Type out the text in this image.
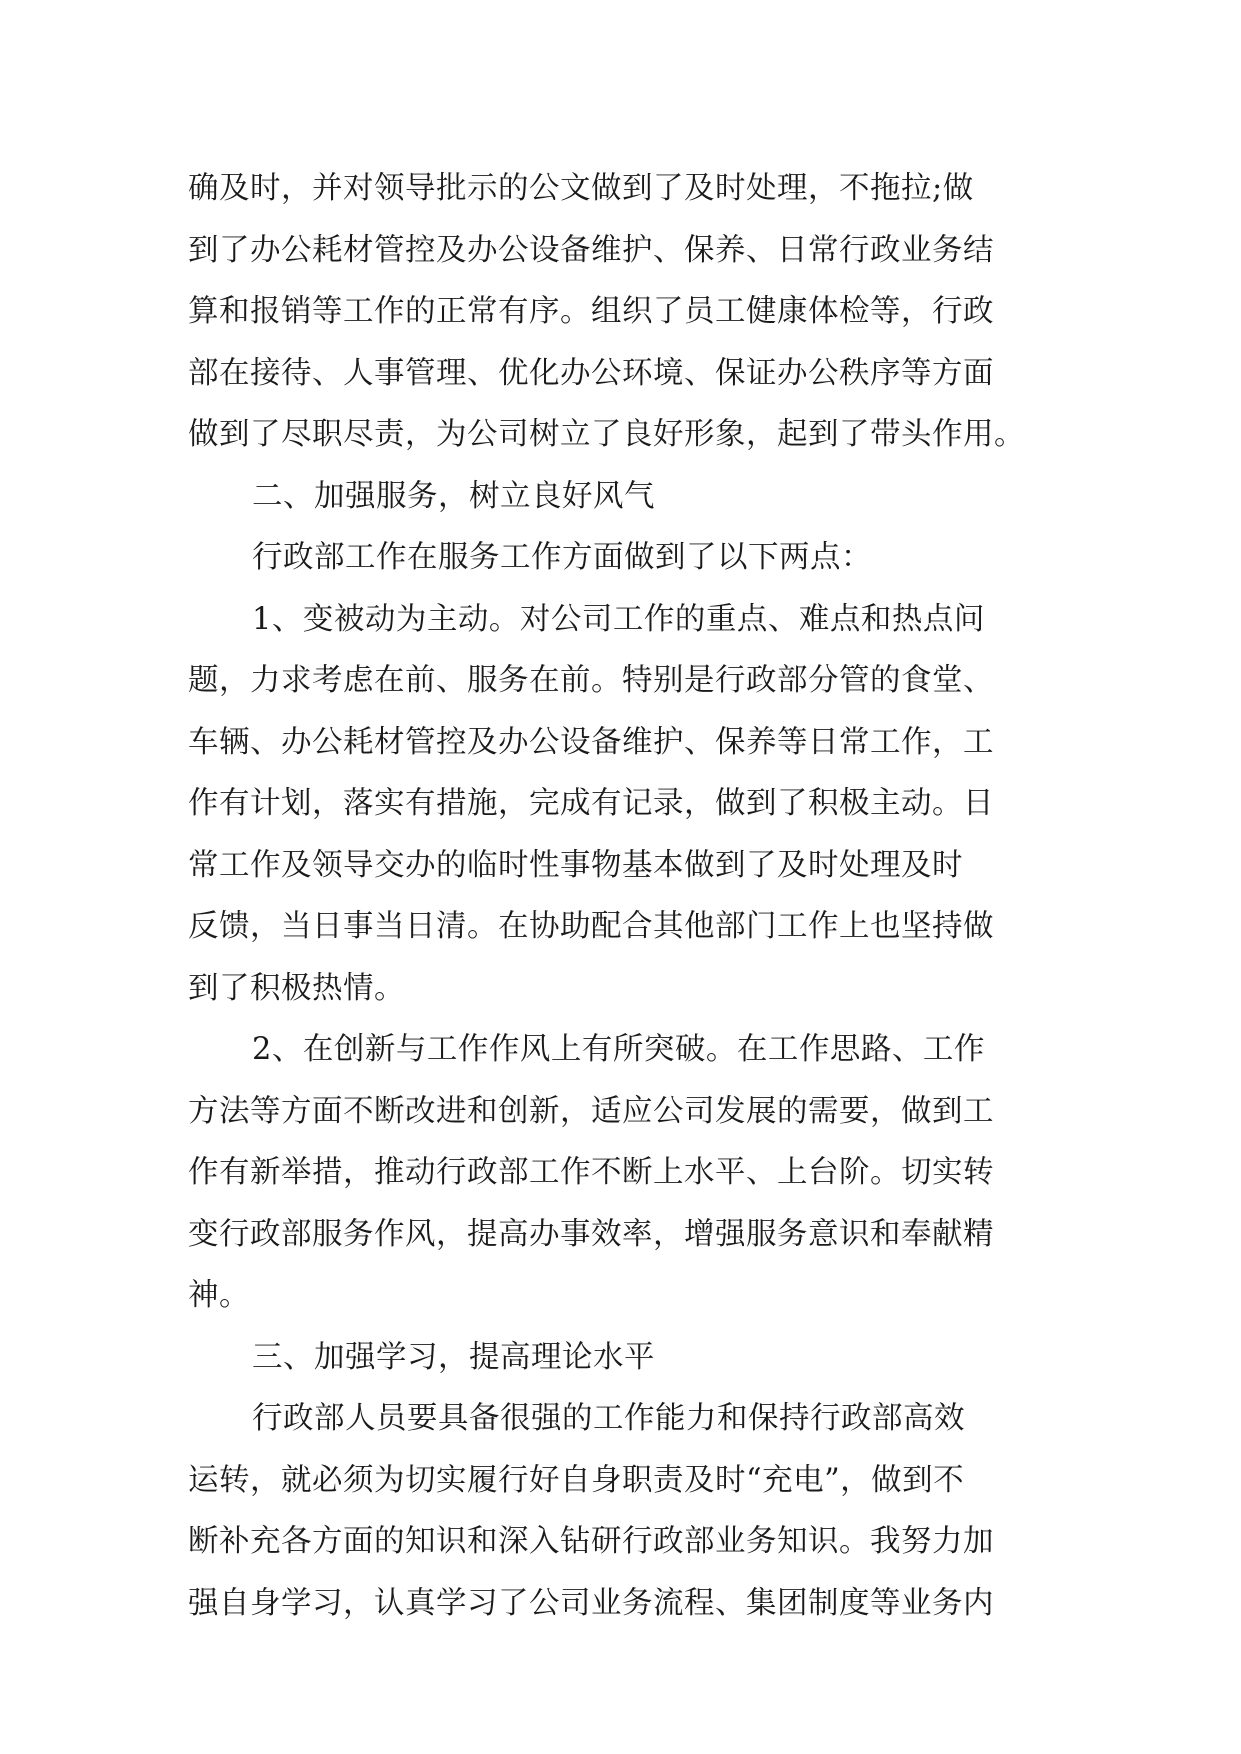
确及时，并对领导批示的公文做到了及时处理，不拖拉;做
到了办公耗材管控及办公设备维护、保养、日常行政业务结
算和报销等工作的正常有序。组织了员工健康体检等，行政
部在接待、人事管理、优化办公环境、保证办公秩序等方面
做到了尽职尽责，为公司树立了良好形象，起到了带头作用。
二、加强服务，树立良好风气
行政部工作在服务工作方面做到了以下两点：
1、变被动为主动。对公司工作的重点、难点和热点问
题，力求考虑在前、服务在前。特别是行政部分管的食堂、
车辆、办公耗材管控及办公设备维护、保养等日常工作，工
作有计划，落实有措施，完成有记录，做到了积极主动。日
常工作及领导交办的临时性事物基本做到了及时处理及时
反馈，当日事当日清。在协助配合其他部门工作上也坚持做
到了积极热情。
2、在创新与工作作风上有所突破。在工作思路、工作
方法等方面不断改进和创新，适应公司发展的需要，做到工
作有新举措，推动行政部工作不断上水平、上台阶。切实转
变行政部服务作风，提高办事效率，增强服务意识和奉献精
神。
三、加强学习，提高理论水平
行政部人员要具备很强的工作能力和保持行政部高效
运转，就必须为切实履行好自身职责及时“充电”，做到不
断补充各方面的知识和深入钻研行政部业务知识。我努力加
强自身学习，认真学习了公司业务流程、集团制度等业务内
